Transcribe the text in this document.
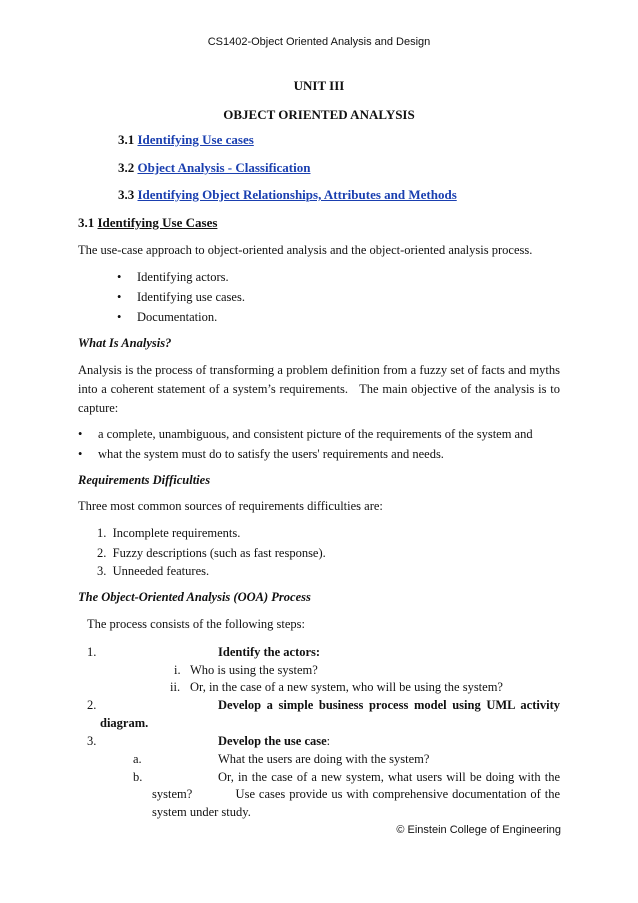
CS1402-Object Oriented Analysis and Design
UNIT III
OBJECT ORIENTED ANALYSIS
3.1 Identifying Use cases
3.2 Object Analysis - Classification
3.3 Identifying Object Relationships, Attributes and Methods
3.1 Identifying Use Cases
The use-case approach to object-oriented analysis and the object-oriented analysis process.
• Identifying actors.
• Identifying use cases.
• Documentation.
What Is Analysis?
Analysis is the process of transforming a problem definition from a fuzzy set of facts and myths into a coherent statement of a system’s requirements.   The main objective of the analysis is to capture:
• a complete, unambiguous, and consistent picture of the requirements of the system and
• what the system must do to satisfy the users' requirements and needs.
Requirements Difficulties
Three most common sources of requirements difficulties are:
1. Incomplete requirements.
2. Fuzzy descriptions (such as fast response).
3. Unneeded features.
The Object-Oriented Analysis (OOA) Process
The process consists of the following steps:
1.	Identify the actors:
i. Who is using the system?
ii. Or, in the case of a new system, who will be using the system?
2.	Develop a simple business process model using UML activity
diagram.
3.	Develop the use case:
a.	What the users are doing with the system?
b.	Or, in the case of a new system, what users will be doing with the
system?           Use cases provide us with comprehensive documentation of the
system under study.
© Einstein College of Engineering
